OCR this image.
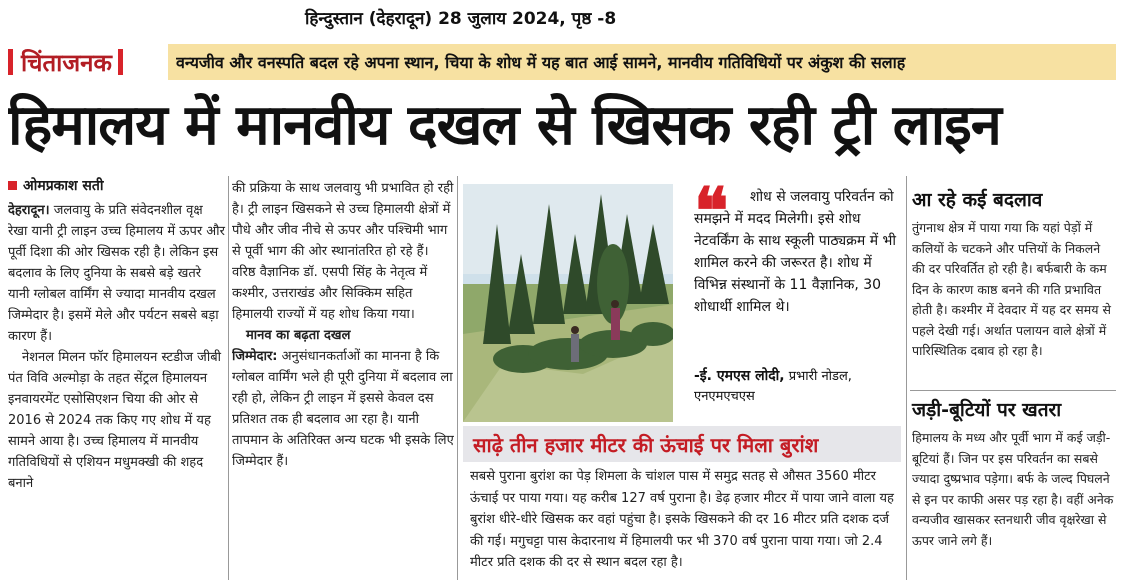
हिन्दुस्तान (देहरादून) 28 जुलाय 2024, पृष्ठ -8
चिंताजनक	वन्यजीव और वनस्पति बदल रहे अपना स्थान, चिया के शोध में यह बात आई सामने, मानवीय गतिविधियों पर अंकुश की सलाह
हिमालय में मानवीय दखल से खिसक रही ट्री लाइन
ओमप्रकाश सती

देहरादून। जलवायु के प्रति संवेदनशील वृक्ष रेखा यानी ट्री लाइन उच्च हिमालय में ऊपर और पूर्वी दिशा की ओर खिसक रही है। लेकिन इस बदलाव के लिए दुनिया के सबसे बड़े खतरे यानी ग्लोबल वार्मिंग से ज्यादा मानवीय दखल जिम्मेदार है। इसमें मेले और पर्यटन सबसे बड़ा कारण हैं।

नेशनल मिलन फॉर हिमालयन स्टडीज जीबी पंत विवि अल्मोड़ा के तहत सेंट्रल हिमालयन इनवायरमेंट एसोसिएशन चिया की ओर से 2016 से 2024 तक किए गए शोध में यह सामने आया है। उच्च हिमालय में मानवीय गतिविधियों से एशियन मधुमक्खी की शहद बनाने

की प्रक्रिया के साथ जलवायु भी प्रभावित हो रही है। ट्री लाइन खिसकने से उच्च हिमालयी क्षेत्रों में पौधे और जीव नीचे से ऊपर और पश्चिमी भाग से पूर्वी भाग की ओर स्थानांतरित हो रहे हैं। वरिष्ठ वैज्ञानिक डॉ. एसपी सिंह के नेतृत्व में कश्मीर, उत्तराखंड और सिक्किम सहित हिमालयी राज्यों में यह शोध किया गया।

मानव का बढ़ता दखल

जिम्मेदार: अनुसंधानकर्ताओं का मानना है कि ग्लोबल वार्मिंग भले ही पूरी दुनिया में बदलाव ला रही हो, लेकिन ट्री लाइन में इससे केवल दस प्रतिशत तक ही बदलाव आ रहा है। यानी तापमान के अतिरिक्त अन्य घटक भी इसके लिए जिम्मेदार हैं।

❝	शोध से जलवायु परिवर्तन को समझने में मदद मिलेगी। इसे शोध नेटवर्किंग के साथ स्कूली पाठ्यक्रम में भी शामिल करने की जरूरत है। शोध में विभिन्न संस्थानों के 11 वैज्ञानिक, 30 शोधार्थी शामिल थे।
-ई. एमएस लोदी, प्रभारी नोडल, एनएमएचएस
साढ़े तीन हजार मीटर की ऊंचाई पर मिला बुरांश
सबसे पुराना बुरांश का पेड़ शिमला के चांशल पास में समुद्र सतह से औसत 3560 मीटर ऊंचाई पर पाया गया। यह करीब 127 वर्ष पुराना है। डेढ़ हजार मीटर में पाया जाने वाला यह बुरांश धीरे-धीरे खिसक कर वहां पहुंचा है। इसके खिसकने की दर 16 मीटर प्रति दशक दर्ज की गई। मगुचट्टा पास केदारनाथ में हिमालयी फर भी 370 वर्ष पुराना पाया गया। जो 2.4 मीटर प्रति दशक की दर से स्थान बदल रहा है।
आ रहे कई बदलाव
तुंगनाथ क्षेत्र में पाया गया कि यहां पेड़ों में कलियों के चटकने और पत्तियों के निकलने की दर परिवर्तित हो रही है। बर्फबारी के कम दिन के कारण काष्ठ बनने की गति प्रभावित होती है। कश्मीर में देवदार में यह दर समय से पहले देखी गई। अर्थात पलायन वाले क्षेत्रों में पारिस्थितिक दबाव हो रहा है।
जड़ी-बूटियों पर खतरा
हिमालय के मध्य और पूर्वी भाग में कई जड़ी-बूटियां हैं। जिन पर इस परिवर्तन का सबसे ज्यादा दुष्प्रभाव पड़ेगा। बर्फ के जल्द पिघलने से इन पर काफी असर पड़ रहा है। वहीं अनेक वन्यजीव खासकर स्तनधारी जीव वृक्षरेखा से ऊपर जाने लगे हैं।
